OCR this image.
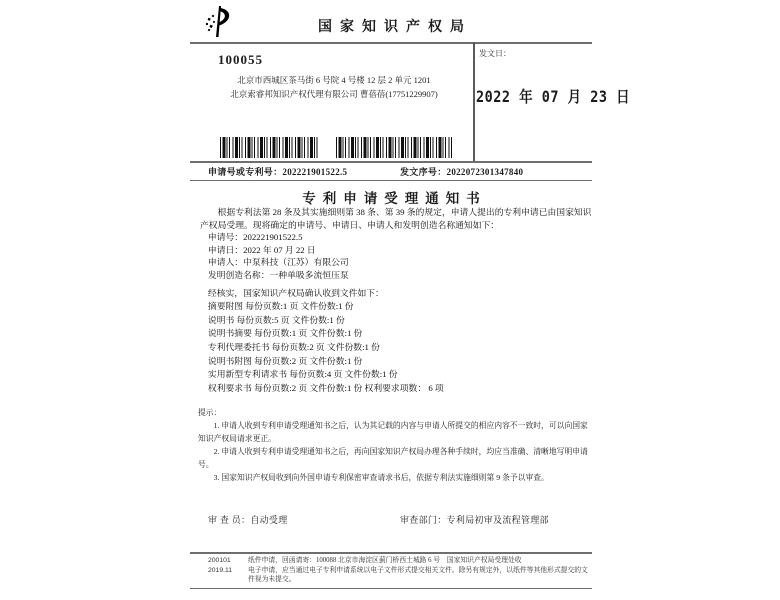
国家知识产权局
发文日：
2022 年 07 月 23 日
100055
北京市西城区茶马街 6 号院 4 号楼 12 层 2 单元 1201
北京索睿邦知识产权代理有限公司 曹蓓蓓(17751229907)
申请号或专利号：202221901522.5	发文序号：2022072301347840
专利申请受理通知书

根据专利法第 28 条及其实施细则第 38 条、第 39 条的规定，申请人提出的专利申请已由国家知识产权局受理。现将确定的申请号、申请日、申请人和发明创造名称通知如下：

申请号：202221901522.5
申请日：2022 年 07 月 22 日
申请人：中泵科技（江苏）有限公司
发明创造名称：一种单吸多流恒压泵
经核实，国家知识产权局确认收到文件如下：
摘要附图 每份页数:1 页 文件份数:1 份
说明书 每份页数:5 页 文件份数:1 份
说明书摘要 每份页数:1 页 文件份数:1 份
专利代理委托书 每份页数:2 页 文件份数:1 份
说明书附图 每份页数:2 页 文件份数:1 份
实用新型专利请求书 每份页数:4 页 文件份数:1 份
权利要求书 每份页数:2 页 文件份数:1 份 权利要求项数： 6 项
提示：
1. 申请人收到专利申请受理通知书之后，认为其记载的内容与申请人所提交的相应内容不一致时，可以向国家知识产权局请求更正。
2. 申请人收到专利申请受理通知书之后，再向国家知识产权局办理各种手续时，均应当准确、清晰地写明申请号。
3. 国家知识产权局收到向外国申请专利保密审查请求书后，依据专利法实施细则第 9 条予以审查。
审 查 员：自动受理	审查部门：专利局初审及流程管理部
200101
2019.11
纸件申请，回函请寄：100088 北京市海淀区蓟门桥西土城路 6 号　国家知识产权局受理处收
电子申请，应当通过电子专利申请系统以电子文件形式提交相关文件。除另有规定外，以纸件等其他形式提交的文件视为未提交。
